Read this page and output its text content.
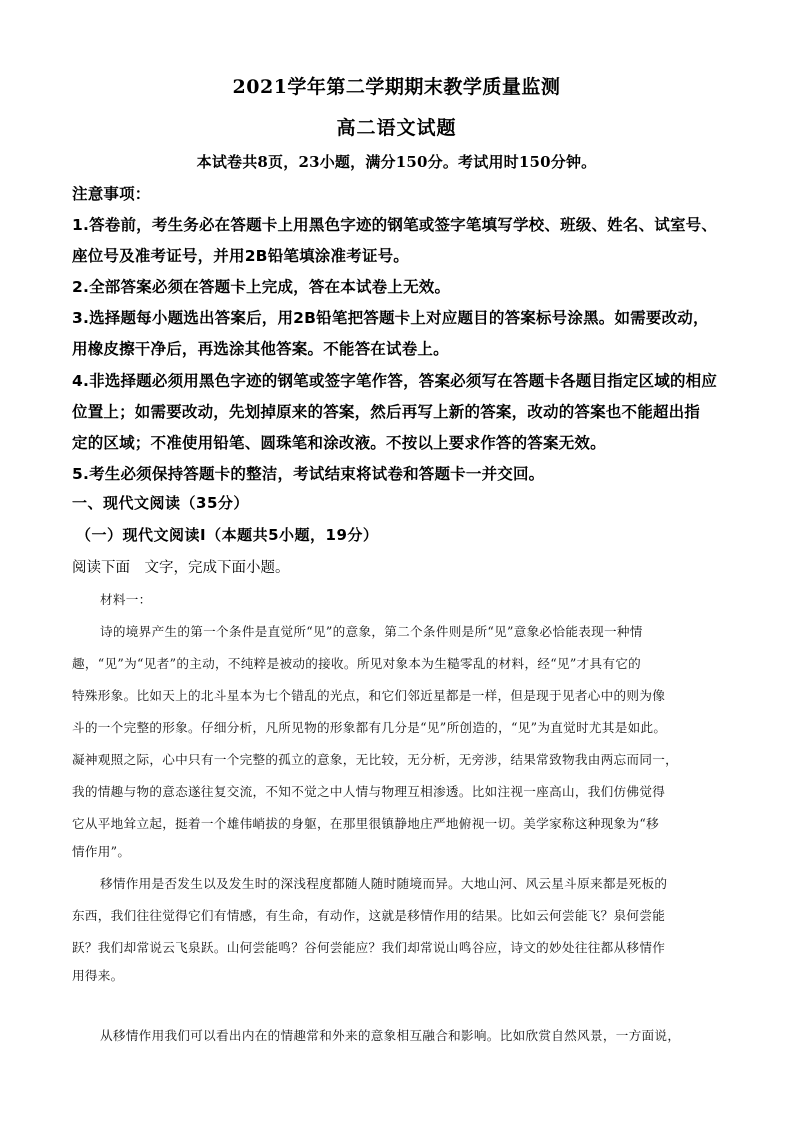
2021学年第二学期期末教学质量监测
高二语文试题
本试卷共8页，23小题，满分150分。考试用时150分钟。
注意事项：
1.答卷前，考生务必在答题卡上用黑色字迹的钢笔或签字笔填写学校、班级、姓名、试室号、
座位号及准考证号，并用2B铅笔填涂准考证号。
2.全部答案必须在答题卡上完成，答在本试卷上无效。
3.选择题每小题选出答案后，用2B铅笔把答题卡上对应题目的答案标号涂黑。如需要改动，
用橡皮擦干净后，再选涂其他答案。不能答在试卷上。
4.非选择题必须用黑色字迹的钢笔或签字笔作答，答案必须写在答题卡各题目指定区域的相应
位置上；如需要改动，先划掉原来的答案，然后再写上新的答案，改动的答案也不能超出指
定的区域；不准使用铅笔、圆珠笔和涂改液。不按以上要求作答的答案无效。
5.考生必须保持答题卡的整洁，考试结束将试卷和答题卡一并交回。
一、现代文阅读（35分）
（一）现代文阅读Ⅰ（本题共5小题，19分）
阅读下面　文字，完成下面小题。
材料一：
诗的境界产生的第一个条件是直觉所“见”的意象，第二个条件则是所“见”意象必恰能表现一种情
趣，“见”为“见者”的主动，不纯粹是被动的接收。所见对象本为生糙零乱的材料，经“见”才具有它的
特殊形象。比如天上的北斗星本为七个错乱的光点，和它们邻近星都是一样，但是现于见者心中的则为像
斗的一个完整的形象。仔细分析，凡所见物的形象都有几分是“见”所创造的，“见”为直觉时尤其是如此。
凝神观照之际，心中只有一个完整的孤立的意象，无比较，无分析，无旁涉，结果常致物我由两忘而同一，
我的情趣与物的意态遂往复交流，不知不觉之中人情与物理互相渗透。比如注视一座高山，我们仿佛觉得
它从平地耸立起，挺着一个雄伟峭拔的身躯，在那里很镇静地庄严地俯视一切。美学家称这种现象为“移
情作用”。
移情作用是否发生以及发生时的深浅程度都随人随时随境而异。大地山河、风云星斗原来都是死板的
东西，我们往往觉得它们有情感，有生命，有动作，这就是移情作用的结果。比如云何尝能飞？泉何尝能
跃？我们却常说云飞泉跃。山何尝能鸣？谷何尝能应？我们却常说山鸣谷应，诗文的妙处往往都从移情作
用得来。
从移情作用我们可以看出内在的情趣常和外来的意象相互融合和影响。比如欣赏自然风景，一方面说，
